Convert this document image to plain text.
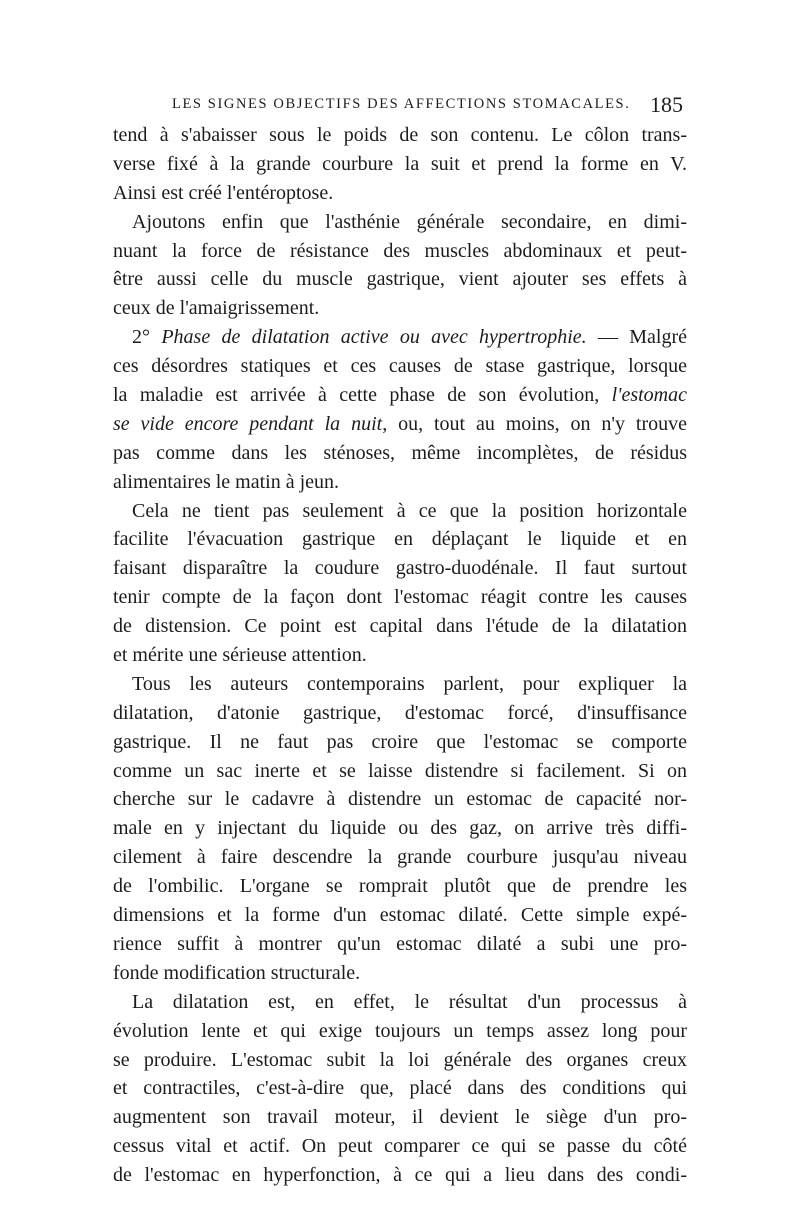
LES SIGNES OBJECTIFS DES AFFECTIONS STOMACALES. 185
tend à s'abaisser sous le poids de son contenu. Le côlon trans-
verse fixé à la grande courbure la suit et prend la forme en V.
Ainsi est créé l'entéroptose.
Ajoutons enfin que l'asthénie générale secondaire, en dimi-
nuant la force de résistance des muscles abdominaux et peut-
être aussi celle du muscle gastrique, vient ajouter ses effets à
ceux de l'amaigrissement.
2° Phase de dilatation active ou avec hypertrophie. — Malgré
ces désordres statiques et ces causes de stase gastrique, lorsque
la maladie est arrivée à cette phase de son évolution, l'estomac
se vide encore pendant la nuit, ou, tout au moins, on n'y trouve
pas comme dans les sténoses, même incomplètes, de résidus
alimentaires le matin à jeun.
Cela ne tient pas seulement à ce que la position horizontale
facilite l'évacuation gastrique en déplaçant le liquide et en
faisant disparaître la coudure gastro-duodénale. Il faut surtout
tenir compte de la façon dont l'estomac réagit contre les causes
de distension. Ce point est capital dans l'étude de la dilatation
et mérite une sérieuse attention.
Tous les auteurs contemporains parlent, pour expliquer la
dilatation, d'atonie gastrique, d'estomac forcé, d'insuffisance
gastrique. Il ne faut pas croire que l'estomac se comporte
comme un sac inerte et se laisse distendre si facilement. Si on
cherche sur le cadavre à distendre un estomac de capacité nor-
male en y injectant du liquide ou des gaz, on arrive très diffi-
cilement à faire descendre la grande courbure jusqu'au niveau
de l'ombilic. L'organe se romprait plutôt que de prendre les
dimensions et la forme d'un estomac dilaté. Cette simple expé-
rience suffit à montrer qu'un estomac dilaté a subi une pro-
fonde modification structurale.
La dilatation est, en effet, le résultat d'un processus à
évolution lente et qui exige toujours un temps assez long pour
se produire. L'estomac subit la loi générale des organes creux
et contractiles, c'est-à-dire que, placé dans des conditions qui
augmentent son travail moteur, il devient le siège d'un pro-
cessus vital et actif. On peut comparer ce qui se passe du côté
de l'estomac en hyperfonction, à ce qui a lieu dans des condi-
